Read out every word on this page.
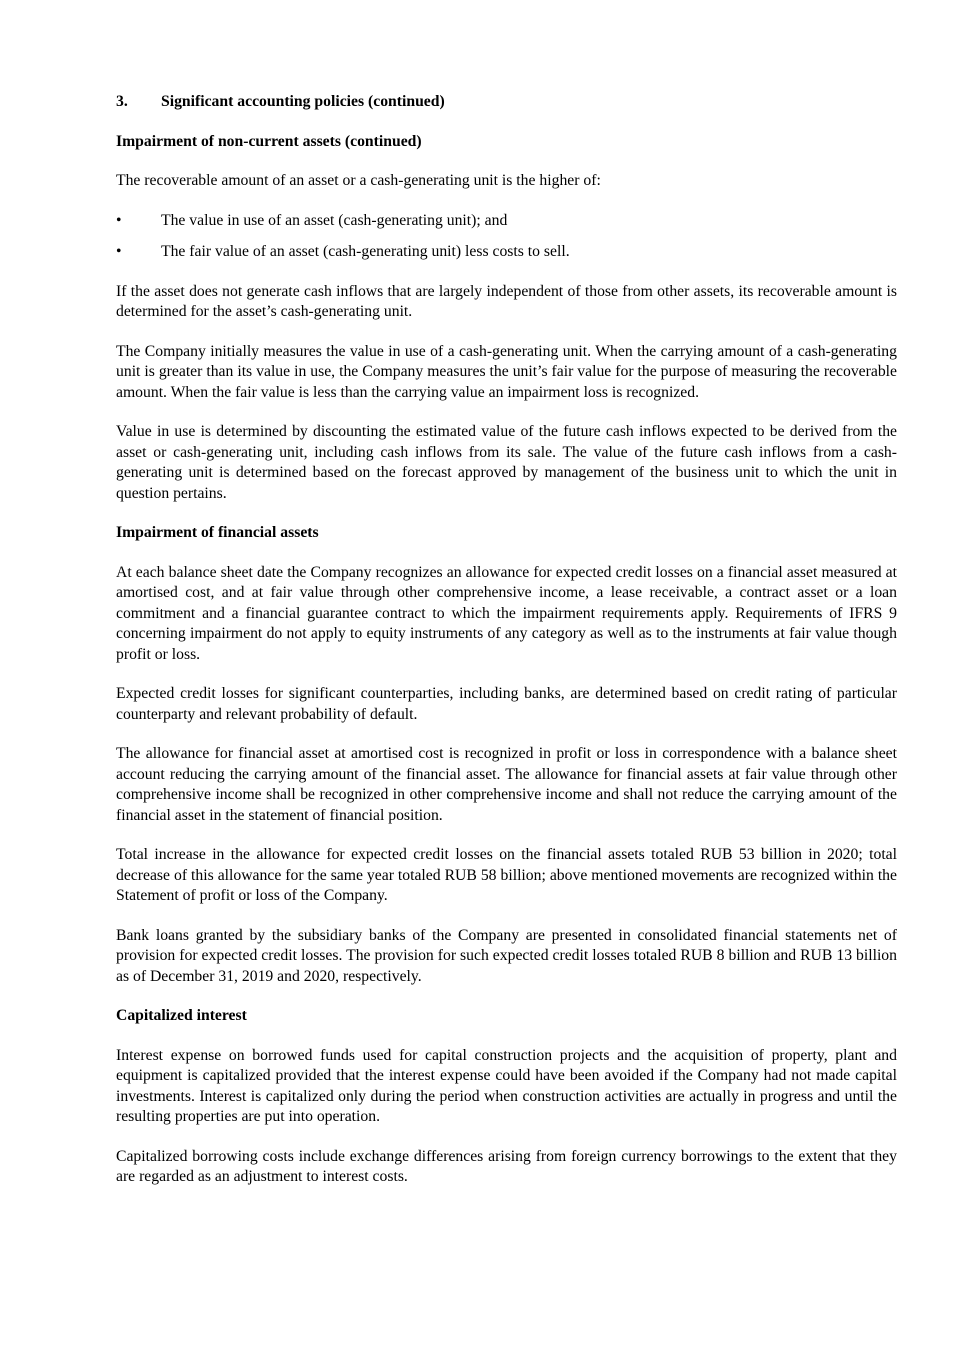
3.	Significant accounting policies (continued)
Impairment of non-current assets (continued)

The recoverable amount of an asset or a cash-generating unit is the higher of:

•	The value in use of an asset (cash-generating unit); and
•	The fair value of an asset (cash-generating unit) less costs to sell.

If the asset does not generate cash inflows that are largely independent of those from other assets, its recoverable amount is determined for the asset’s cash-generating unit.

The Company initially measures the value in use of a cash-generating unit. When the carrying amount of a cash-generating unit is greater than its value in use, the Company measures the unit’s fair value for the purpose of measuring the recoverable amount. When the fair value is less than the carrying value an impairment loss is recognized.

Value in use is determined by discounting the estimated value of the future cash inflows expected to be derived from the asset or cash-generating unit, including cash inflows from its sale. The value of the future cash inflows from a cash-generating unit is determined based on the forecast approved by management of the business unit to which the unit in question pertains.

Impairment of financial assets

At each balance sheet date the Company recognizes an allowance for expected credit losses on a financial asset measured at amortised cost, and at fair value through other comprehensive income, a lease receivable, a contract asset or a loan commitment and a financial guarantee contract to which the impairment requirements apply. Requirements of IFRS 9 concerning impairment do not apply to equity instruments of any category as well as to the instruments at fair value though profit or loss.

Expected credit losses for significant counterparties, including banks, are determined based on credit rating of particular counterparty and relevant probability of default.

The allowance for financial asset at amortised cost is recognized in profit or loss in correspondence with a balance sheet account reducing the carrying amount of the financial asset. The allowance for financial assets at fair value through other comprehensive income shall be recognized in other comprehensive income and shall not reduce the carrying amount of the financial asset in the statement of financial position.

Total increase in the allowance for expected credit losses on the financial assets totaled RUB 53 billion in 2020; total decrease of this allowance for the same year totaled RUB 58 billion; above mentioned movements are recognized within the Statement of profit or loss of the Company.

Bank loans granted by the subsidiary banks of the Company are presented in consolidated financial statements net of provision for expected credit losses. The provision for such expected credit losses totaled RUB 8 billion and RUB 13 billion as of December 31, 2019 and 2020, respectively.

Capitalized interest

Interest expense on borrowed funds used for capital construction projects and the acquisition of property, plant and equipment is capitalized provided that the interest expense could have been avoided if the Company had not made capital investments. Interest is capitalized only during the period when construction activities are actually in progress and until the resulting properties are put into operation.

Capitalized borrowing costs include exchange differences arising from foreign currency borrowings to the extent that they are regarded as an adjustment to interest costs.
